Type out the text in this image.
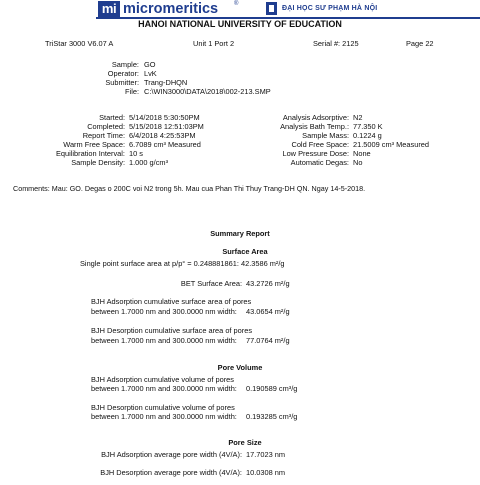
mi micromeritics	®
ĐẠI HỌC SƯ PHẠM HÀ NỘI
HANOI NATIONAL UNIVERSITY OF EDUCATION
TriStar 3000 V6.07 A	Unit 1 Port 2	Serial #: 2125	Page 22
Sample: GO
Operator: LvK
Submitter: Trang-DHQN
File: C:\WIN3000\DATA\2018\002-213.SMP
Started: 5/14/2018 5:30:50PM
Completed: 5/15/2018 12:51:03PM
Report Time: 6/4/2018 4:25:53PM
Warm Free Space: 6.7089 cm³ Measured
Equilibration Interval: 10 s
Sample Density: 1.000 g/cm³
Analysis Adsorptive: N2
Analysis Bath Temp.: 77.350 K
Sample Mass: 0.1224 g
Cold Free Space: 21.5009 cm³ Measured
Low Pressure Dose: None
Automatic Degas: No
Comments: Mau: GO. Degas o 200C voi N2 trong 5h. Mau cua Phan Thi Thuy Trang-DH QN. Ngay 14-5-2018.
Summary Report
Surface Area
Single point surface area at p/p° = 0.248881861: 42.3586 m²/g
BET Surface Area: 43.2726 m²/g
BJH Adsorption cumulative surface area of pores
between 1.7000 nm and 300.0000 nm width: 43.0654 m²/g
BJH Desorption cumulative surface area of pores
between 1.7000 nm and 300.0000 nm width: 77.0764 m²/g
Pore Volume
BJH Adsorption cumulative volume of pores
between 1.7000 nm and 300.0000 nm width: 0.190589 cm³/g
BJH Desorption cumulative volume of pores
between 1.7000 nm and 300.0000 nm width: 0.193285 cm³/g
Pore Size
BJH Adsorption average pore width (4V/A): 17.7023 nm
BJH Desorption average pore width (4V/A): 10.0308 nm
